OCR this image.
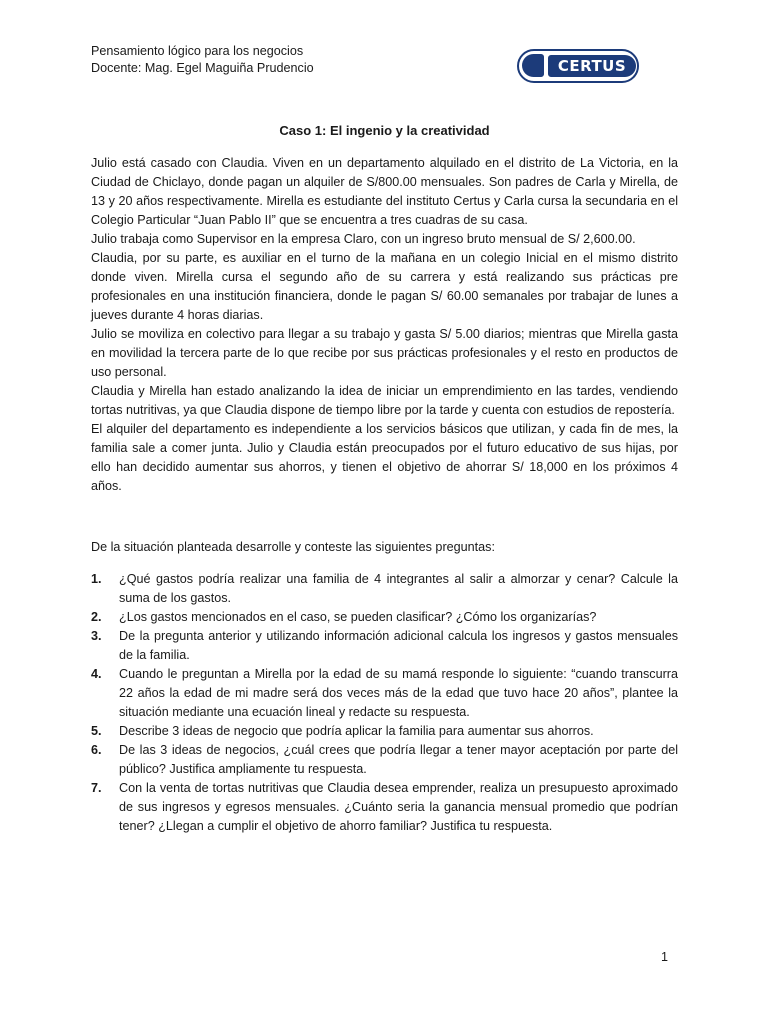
Pensamiento lógico para los negocios
Docente: Mag. Egel Maguiña Prudencio	CERTUS
Caso 1: El ingenio y la creatividad

Julio está casado con Claudia. Viven en un departamento alquilado en el distrito de La Victoria, en la Ciudad de Chiclayo, donde pagan un alquiler de S/800.00 mensuales. Son padres de Carla y Mirella, de 13 y 20 años respectivamente. Mirella es estudiante del instituto Certus y Carla cursa la secundaria en el Colegio Particular “Juan Pablo II” que se encuentra a tres cuadras de su casa.

Julio trabaja como Supervisor en la empresa Claro, con un ingreso bruto mensual de S/ 2,600.00.

Claudia, por su parte, es auxiliar en el turno de la mañana en un colegio Inicial en el mismo distrito donde viven. Mirella cursa el segundo año de su carrera y está realizando sus prácticas pre profesionales en una institución financiera, donde le pagan S/ 60.00 semanales por trabajar de lunes a jueves durante 4 horas diarias.

Julio se moviliza en colectivo para llegar a su trabajo y gasta S/ 5.00 diarios; mientras que Mirella gasta en movilidad la tercera parte de lo que recibe por sus prácticas profesionales y el resto en productos de uso personal.

Claudia y Mirella han estado analizando la idea de iniciar un emprendimiento en las tardes, vendiendo tortas nutritivas, ya que Claudia dispone de tiempo libre por la tarde y cuenta con estudios de repostería.

El alquiler del departamento es independiente a los servicios básicos que utilizan, y cada fin de mes, la familia sale a comer junta. Julio y Claudia están preocupados por el futuro educativo de sus hijas, por ello han decidido aumentar sus ahorros, y tienen el objetivo de ahorrar S/ 18,000 en los próximos 4 años.

De la situación planteada desarrolle y conteste las siguientes preguntas:
1. ¿Qué gastos podría realizar una familia de 4 integrantes al salir a almorzar y cenar? Calcule la suma de los gastos.
2. ¿Los gastos mencionados en el caso, se pueden clasificar? ¿Cómo los organizarías?
3. De la pregunta anterior y utilizando información adicional calcula los ingresos y gastos mensuales de la familia.
4. Cuando le preguntan a Mirella por la edad de su mamá responde lo siguiente: “cuando transcurra 22 años la edad de mi madre será dos veces más de la edad que tuvo hace 20 años”, plantee la situación mediante una ecuación lineal y redacte su respuesta.
5. Describe 3 ideas de negocio que podría aplicar la familia para aumentar sus ahorros.
6. De las 3 ideas de negocios, ¿cuál crees que podría llegar a tener mayor aceptación por parte del público? Justifica ampliamente tu respuesta.
7. Con la venta de tortas nutritivas que Claudia desea emprender, realiza un presupuesto aproximado de sus ingresos y egresos mensuales. ¿Cuánto seria la ganancia mensual promedio que podrían tener? ¿Llegan a cumplir el objetivo de ahorro familiar? Justifica tu respuesta.
1
